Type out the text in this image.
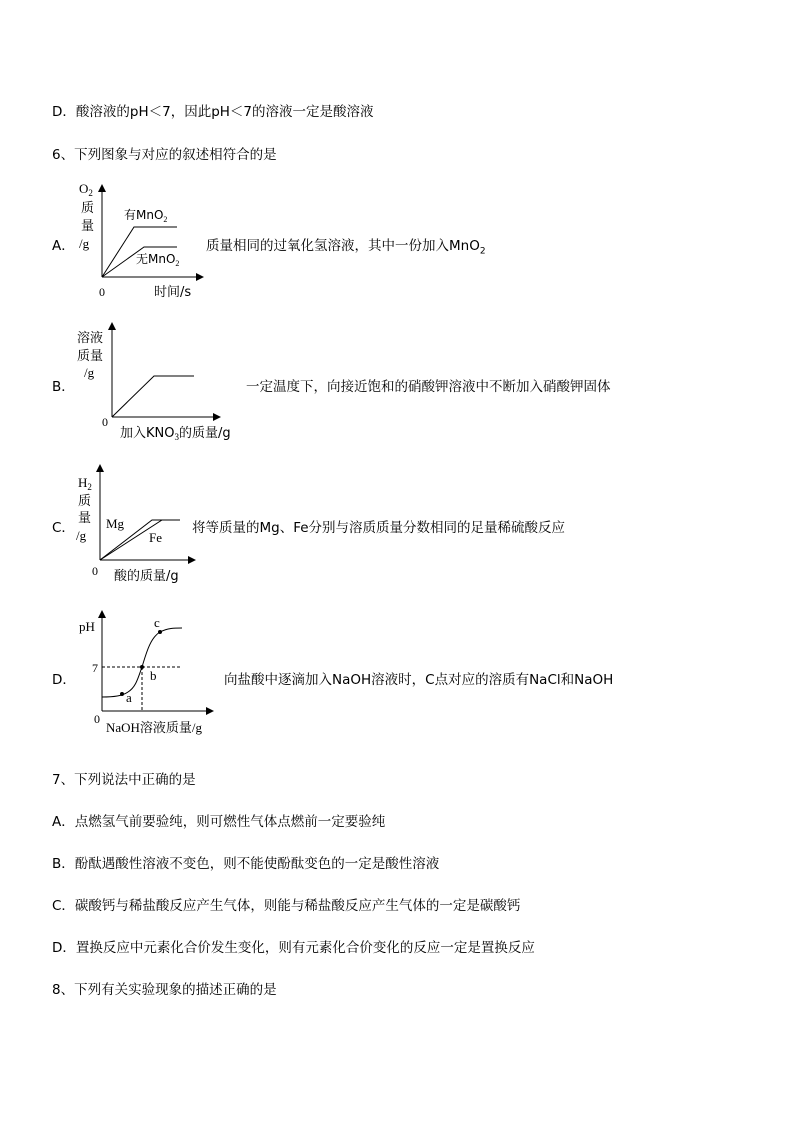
D．酸溶液的pH＜7，因此pH＜7的溶液一定是酸溶液
6、下列图象与对应的叙述相符合的是
A．
$O_2$
质
量
/g
0	时间/s
有MnO$_2$
无MnO$_2$
质量相同的过氧化氢溶液，其中一份加入MnO$_2$
B．
溶液
质量
/g
0
加入$KNO_3$的质量/g
一定温度下，向接近饱和的硝酸钾溶液中不断加入硝酸钾固体
C．
$H_2$
质
量
/g
0 酸的质量/g
Mg
Fe
将等质量的Mg、Fe分别与溶质质量分数相同的足量稀硫酸反应
D．
pH
7
0
a
b
c
NaOH溶液质量/g
向盐酸中逐滴加入NaOH溶液时，C点对应的溶质有NaCl和NaOH
7、下列说法中正确的是
A．点燃氢气前要验纯，则可燃性气体点燃前一定要验纯
B．酚酞遇酸性溶液不变色，则不能使酚酞变色的一定是酸性溶液
C．碳酸钙与稀盐酸反应产生气体，则能与稀盐酸反应产生气体的一定是碳酸钙
D．置换反应中元素化合价发生变化，则有元素化合价变化的反应一定是置换反应
8、下列有关实验现象的描述正确的是
